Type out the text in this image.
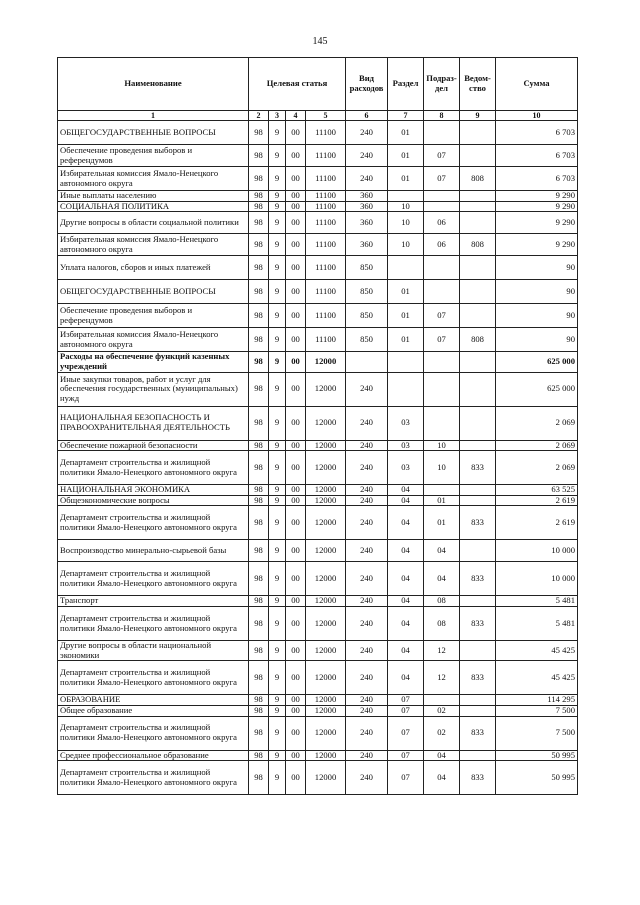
145
Наименование	Целевая статья				Вид расходов	Раздел	Подраз-дел	Ведом-ство	Сумма
1	2	3	4	5	6	7	8	9	10
ОБЩЕГОСУДАРСТВЕННЫЕ ВОПРОСЫ	98	9	00	11100	240	01			6 703
Обеспечение проведения выборов и референдумов	98	9	00	11100	240	01	07		6 703
Избирательная комиссия Ямало-Ненецкого автономного округа	98	9	00	11100	240	01	07	808	6 703
Иные выплаты населению	98	9	00	11100	360				9 290
СОЦИАЛЬНАЯ ПОЛИТИКА	98	9	00	11100	360	10			9 290
Другие вопросы в области социальной политики	98	9	00	11100	360	10	06		9 290
Избирательная комиссия Ямало-Ненецкого автономного округа	98	9	00	11100	360	10	06	808	9 290
Уплата налогов, сборов и иных платежей	98	9	00	11100	850				90
ОБЩЕГОСУДАРСТВЕННЫЕ ВОПРОСЫ	98	9	00	11100	850	01			90
Обеспечение проведения выборов и референдумов	98	9	00	11100	850	01	07		90
Избирательная комиссия Ямало-Ненецкого автономного округа	98	9	00	11100	850	01	07	808	90
Расходы на обеспечение функций казенных учреждений	98	9	00	12000					625 000
Иные закупки товаров, работ и услуг для обеспечения государственных (муниципальных) нужд	98	9	00	12000	240				625 000
НАЦИОНАЛЬНАЯ БЕЗОПАСНОСТЬ И ПРАВООХРАНИТЕЛЬНАЯ ДЕЯТЕЛЬНОСТЬ	98	9	00	12000	240	03			2 069
Обеспечение пожарной безопасности	98	9	00	12000	240	03	10		2 069
Департамент строительства и жилищной политики Ямало-Ненецкого автономного округа	98	9	00	12000	240	03	10	833	2 069
НАЦИОНАЛЬНАЯ ЭКОНОМИКА	98	9	00	12000	240	04			63 525
Общеэкономические вопросы	98	9	00	12000	240	04	01		2 619
Департамент строительства и жилищной политики Ямало-Ненецкого автономного округа	98	9	00	12000	240	04	01	833	2 619
Воспроизводство минерально-сырьевой базы	98	9	00	12000	240	04	04		10 000
Департамент строительства и жилищной политики Ямало-Ненецкого автономного округа	98	9	00	12000	240	04	04	833	10 000
Транспорт	98	9	00	12000	240	04	08		5 481
Департамент строительства и жилищной политики Ямало-Ненецкого автономного округа	98	9	00	12000	240	04	08	833	5 481
Другие вопросы в области национальной экономики	98	9	00	12000	240	04	12		45 425
Департамент строительства и жилищной политики Ямало-Ненецкого автономного округа	98	9	00	12000	240	04	12	833	45 425
ОБРАЗОВАНИЕ	98	9	00	12000	240	07			114 295
Общее образование	98	9	00	12000	240	07	02		7 500
Департамент строительства и жилищной политики Ямало-Ненецкого автономного округа	98	9	00	12000	240	07	02	833	7 500
Среднее профессиональное образование	98	9	00	12000	240	07	04		50 995
Департамент строительства и жилищной политики Ямало-Ненецкого автономного округа	98	9	00	12000	240	07	04	833	50 995
